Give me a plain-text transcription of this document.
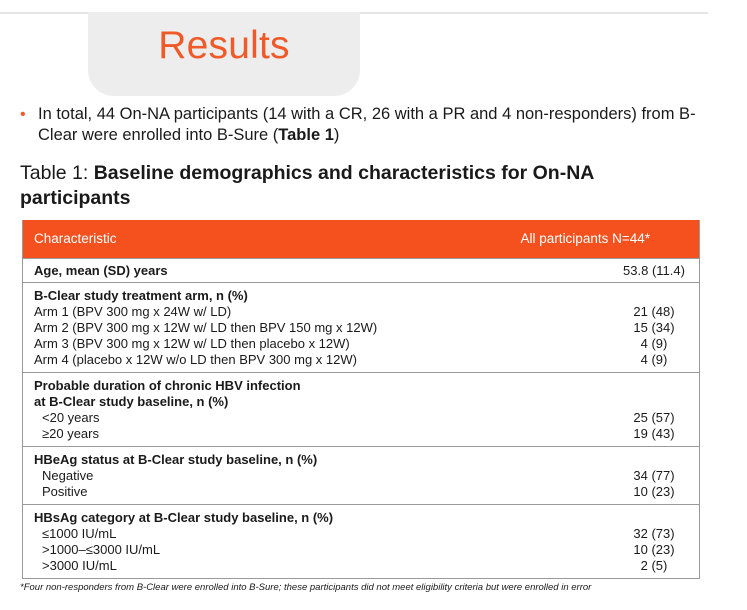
Results
• In total, 44 On-NA participants (14 with a CR, 26 with a PR and 4 non-responders) from B-Clear were enrolled into B-Sure (Table 1)
Table 1: Baseline demographics and characteristics for On-NA participants
Characteristic	All participants N=44*
Age, mean (SD) years	53.8 (11.4)
B-Clear study treatment arm, n (%)
Arm 1 (BPV 300 mg x 24W w/ LD)	21 (48)
Arm 2 (BPV 300 mg x 12W w/ LD then BPV 150 mg x 12W)	15 (34)
Arm 3 (BPV 300 mg x 12W w/ LD then placebo x 12W)	4 (9)
Arm 4 (placebo x 12W w/o LD then BPV 300 mg x 12W)	4 (9)
Probable duration of chronic HBV infection
at B-Clear study baseline, n (%)
<20 years	25 (57)
≥20 years	19 (43)
HBeAg status at B-Clear study baseline, n (%)
Negative	34 (77)
Positive	10 (23)
HBsAg category at B-Clear study baseline, n (%)
≤1000 IU/mL	32 (73)
>1000–≤3000 IU/mL	10 (23)
>3000 IU/mL	2 (5)
*Four non-responders from B-Clear were enrolled into B-Sure; these participants did not meet eligibility criteria but were enrolled in error
